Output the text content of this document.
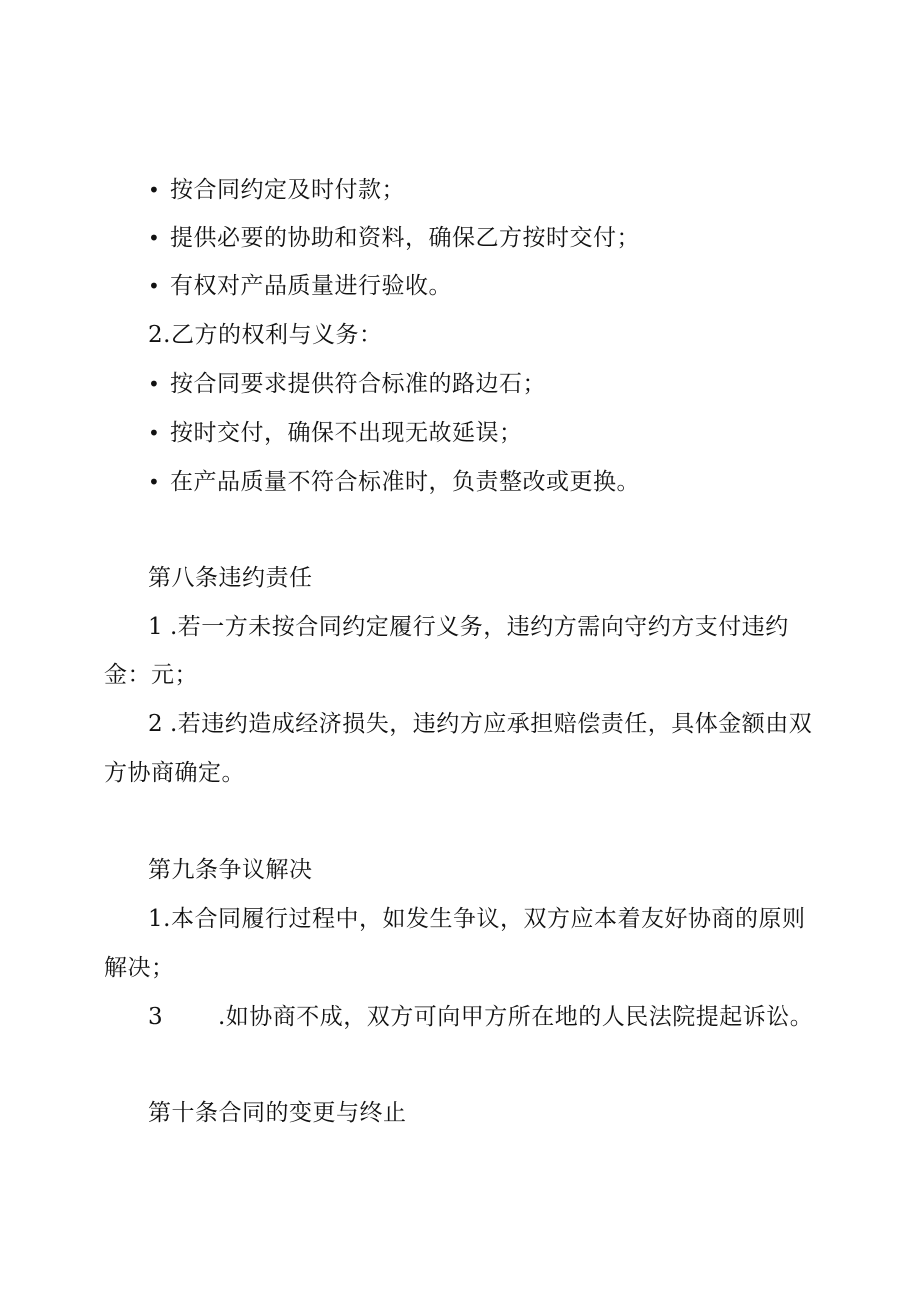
• 按合同约定及时付款；
• 提供必要的协助和资料，确保乙方按时交付；
• 有权对产品质量进行验收。
2.乙方的权利与义务：
• 按合同要求提供符合标准的路边石；
• 按时交付，确保不出现无故延误；
• 在产品质量不符合标准时，负责整改或更换。
第八条违约责任
1 .若一方未按合同约定履行义务，违约方需向守约方支付违约
金：元；
2 .若违约造成经济损失，违约方应承担赔偿责任，具体金额由双
方协商确定。
第九条争议解决
1.本合同履行过程中，如发生争议，双方应本着友好协商的原则
解决；
3 .如协商不成，双方可向甲方所在地的人民法院提起诉讼。
第十条合同的变更与终止
